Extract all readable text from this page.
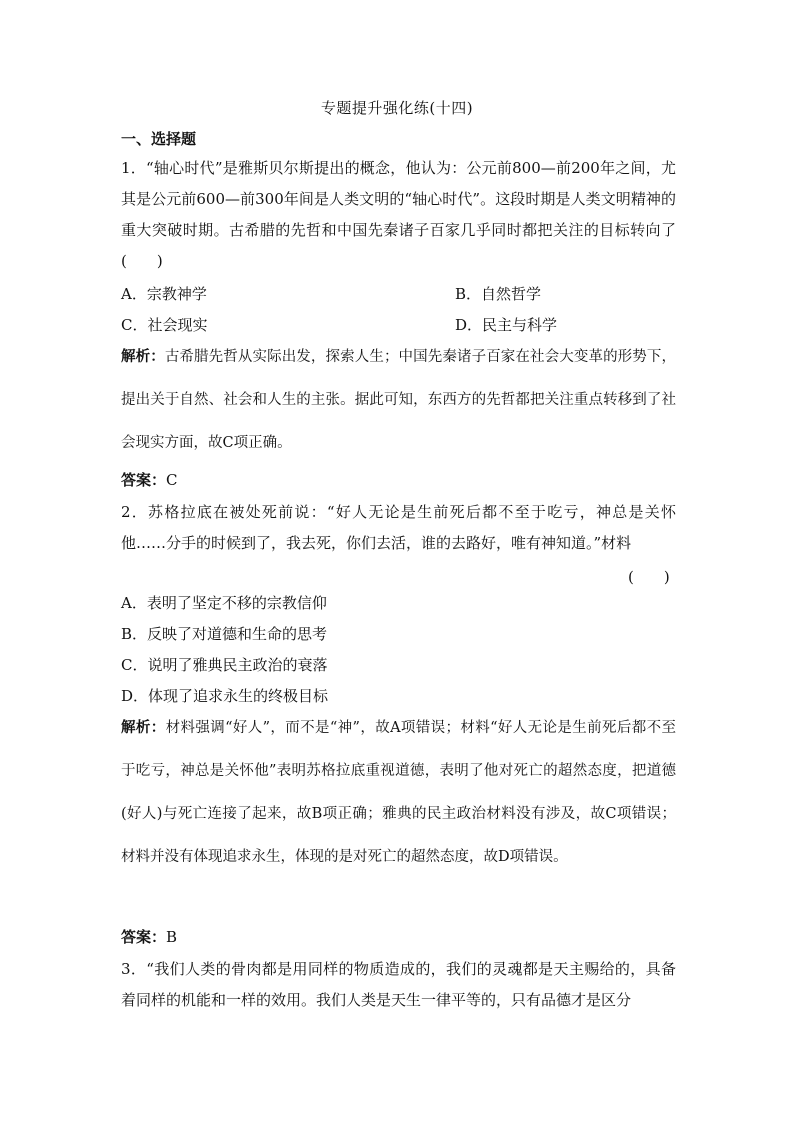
专题提升强化练(十四)
一、选择题
1．“轴心时代”是雅斯贝尔斯提出的概念，他认为：公元前800—前200年之间，尤其是公元前600—前300年间是人类文明的“轴心时代”。这段时期是人类文明精神的重大突破时期。古希腊的先哲和中国先秦诸子百家几乎同时都把关注的目标转向了(　　)
A．宗教神学	B．自然哲学
C．社会现实	D．民主与科学
解析：古希腊先哲从实际出发，探索人生；中国先秦诸子百家在社会大变革的形势下，提出关于自然、社会和人生的主张。据此可知，东西方的先哲都把关注重点转移到了社会现实方面，故C项正确。
答案：C
2．苏格拉底在被处死前说：“好人无论是生前死后都不至于吃亏，神总是关怀他……分手的时候到了，我去死，你们去活，谁的去路好，唯有神知道。”材料
(　　)
A．表明了坚定不移的宗教信仰
B．反映了对道德和生命的思考
C．说明了雅典民主政治的衰落
D．体现了追求永生的终极目标
解析：材料强调“好人”，而不是“神”，故A项错误；材料“好人无论是生前死后都不至于吃亏，神总是关怀他”表明苏格拉底重视道德，表明了他对死亡的超然态度，把道德(好人)与死亡连接了起来，故B项正确；雅典的民主政治材料没有涉及，故C项错误；材料并没有体现追求永生，体现的是对死亡的超然态度，故D项错误。
答案：B
3．“我们人类的骨肉都是用同样的物质造成的，我们的灵魂都是天主赐给的，具备着同样的机能和一样的效用。我们人类是天生一律平等的，只有品德才是区分
